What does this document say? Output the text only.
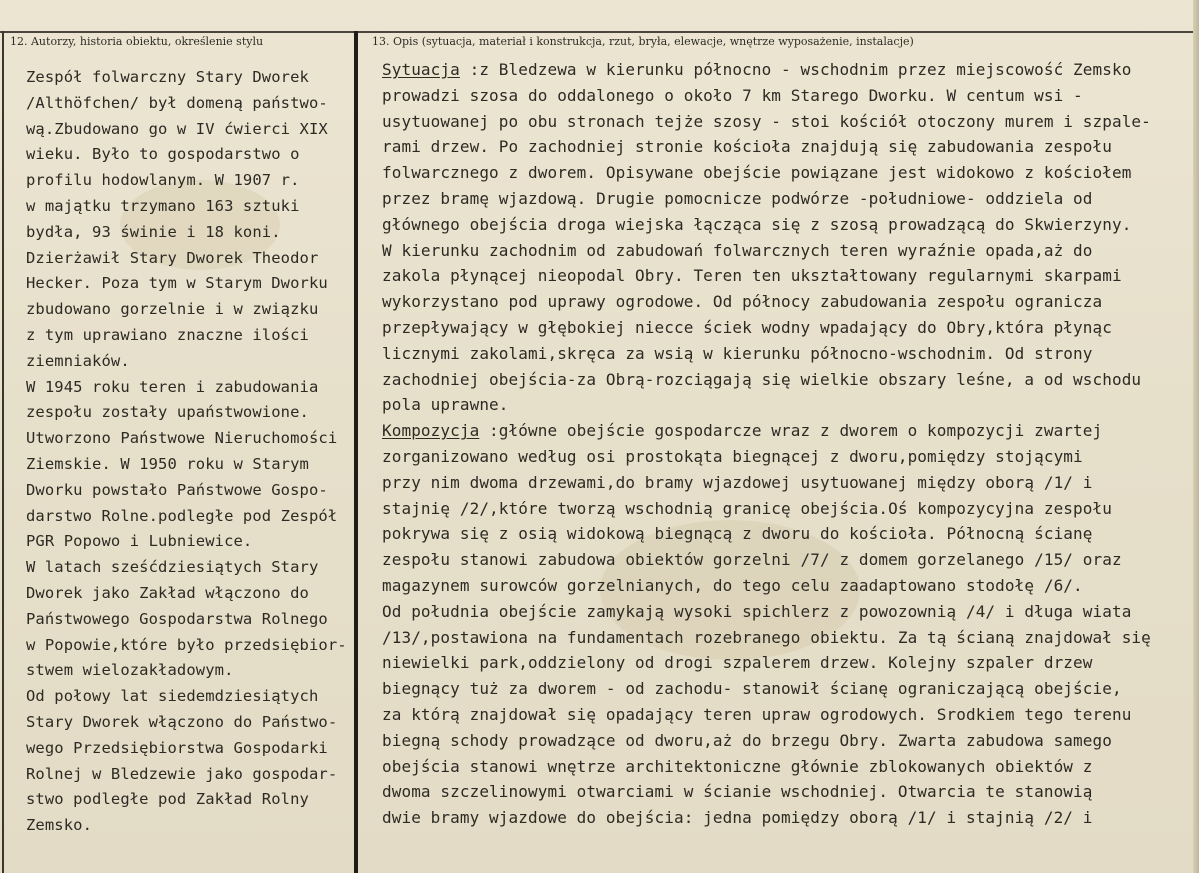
12. Autorzy, historia obiektu, określenie stylu	13. Opis (sytuacja, materiał i konstrukcja, rzut, bryła, elewacje, wnętrze wyposażenie, instalacje)
Zespół folwarczny Stary Dworek
/Althöfchen/ był domeną państwo-
wą.Zbudowano go w IV ćwierci XIX
wieku. Było to gospodarstwo o
profilu hodowlanym. W 1907 r.
w majątku trzymano 163 sztuki
bydła, 93 świnie i 18 koni.
Dzierżawił Stary Dworek Theodor
Hecker. Poza tym w Starym Dworku
zbudowano gorzelnie i w związku
z tym uprawiano znaczne ilości
ziemniaków.
W 1945 roku teren i zabudowania
zespołu zostały upaństwowione.
Utworzono Państwowe Nieruchomości
Ziemskie. W 1950 roku w Starym
Dworku powstało Państwowe Gospo-
darstwo Rolne.podległe pod Zespół
PGR Popowo i Lubniewice.
W latach sześćdziesiątych Stary
Dworek jako Zakład włączono do
Państwowego Gospodarstwa Rolnego
w Popowie,które było przedsiębior-
stwem wielozakładowym.
Od połowy lat siedemdziesiątych
Stary Dworek włączono do Państwo-
wego Przedsiębiorstwa Gospodarki
Rolnej w Bledzewie jako gospodar-
stwo podległe pod Zakład Rolny
Zemsko.
Sytuacja :z Bledzewa w kierunku północno - wschodnim przez miejscowość Zemsko
prowadzi szosa do oddalonego o około 7 km Starego Dworku. W centum wsi -
usytuowanej po obu stronach tejże szosy - stoi kościół otoczony murem i szpale-
rami drzew. Po zachodniej stronie kościoła znajdują się zabudowania zespołu
folwarcznego z dworem. Opisywane obejście powiązane jest widokowo z kościołem
przez bramę wjazdową. Drugie pomocnicze podwórze -południowe- oddziela od
głównego obejścia droga wiejska łącząca się z szosą prowadzącą do Skwierzyny.
W kierunku zachodnim od zabudowań folwarcznych teren wyraźnie opada,aż do
zakola płynącej nieopodal Obry. Teren ten ukształtowany regularnymi skarpami
wykorzystano pod uprawy ogrodowe. Od północy zabudowania zespołu ogranicza
przepływający w głębokiej niecce ściek wodny wpadający do Obry,która płynąc
licznymi zakolami,skręca za wsią w kierunku północno-wschodnim. Od strony
zachodniej obejścia-za Obrą-rozciągają się wielkie obszary leśne, a od wschodu
pola uprawne.
Kompozycja :główne obejście gospodarcze wraz z dworem o kompozycji zwartej
zorganizowano według osi prostokąta biegnącej z dworu,pomiędzy stojącymi
przy nim dwoma drzewami,do bramy wjazdowej usytuowanej między oborą /1/ i
stajnię /2/,które tworzą wschodnią granicę obejścia.Oś kompozycyjna zespołu
pokrywa się z osią widokową biegnącą z dworu do kościoła. Północną ścianę
zespołu stanowi zabudowa obiektów gorzelni /7/ z domem gorzelanego /15/ oraz
magazynem surowców gorzelnianych, do tego celu zaadaptowano stodołę /6/.
Od południa obejście zamykają wysoki spichlerz z powozownią /4/ i długa wiata
/13/,postawiona na fundamentach rozebranego obiektu. Za tą ścianą znajdował się
niewielki park,oddzielony od drogi szpalerem drzew. Kolejny szpaler drzew
biegnący tuż za dworem - od zachodu- stanowił ścianę ograniczającą obejście,
za którą znajdował się opadający teren upraw ogrodowych. Srodkiem tego terenu
biegną schody prowadzące od dworu,aż do brzegu Obry. Zwarta zabudowa samego
obejścia stanowi wnętrze architektoniczne głównie zblokowanych obiektów z
dwoma szczelinowymi otwarciami w ścianie wschodniej. Otwarcia te stanowią
dwie bramy wjazdowe do obejścia: jedna pomiędzy oborą /1/ i stajnią /2/ i
